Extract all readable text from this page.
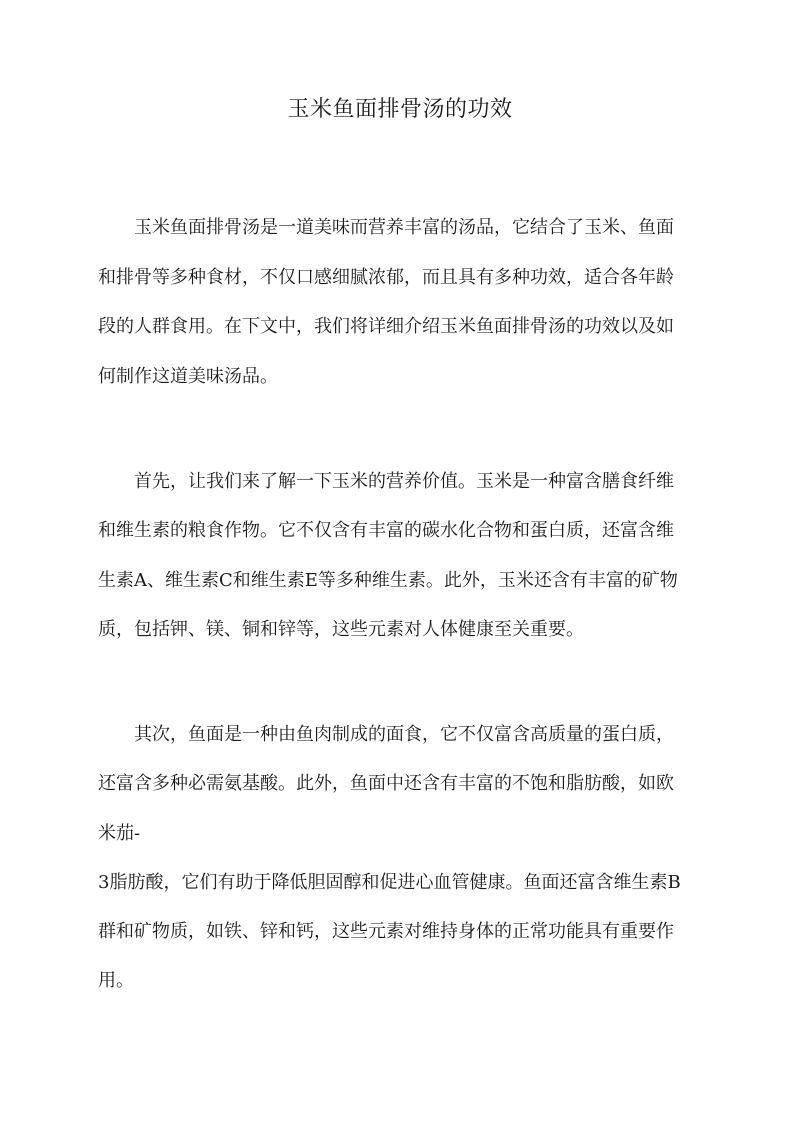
玉米鱼面排骨汤的功效
　　玉米鱼面排骨汤是一道美味而营养丰富的汤品，它结合了玉米、鱼面
和排骨等多种食材，不仅口感细腻浓郁，而且具有多种功效，适合各年龄
段的人群食用。在下文中，我们将详细介绍玉米鱼面排骨汤的功效以及如
何制作这道美味汤品。
　　首先，让我们来了解一下玉米的营养价值。玉米是一种富含膳食纤维
和维生素的粮食作物。它不仅含有丰富的碳水化合物和蛋白质，还富含维
生素A、维生素C和维生素E等多种维生素。此外，玉米还含有丰富的矿物
质，包括钾、镁、铜和锌等，这些元素对人体健康至关重要。
　　其次，鱼面是一种由鱼肉制成的面食，它不仅富含高质量的蛋白质，
还富含多种必需氨基酸。此外，鱼面中还含有丰富的不饱和脂肪酸，如欧
米茄-
3脂肪酸，它们有助于降低胆固醇和促进心血管健康。鱼面还富含维生素B
群和矿物质，如铁、锌和钙，这些元素对维持身体的正常功能具有重要作
用。
